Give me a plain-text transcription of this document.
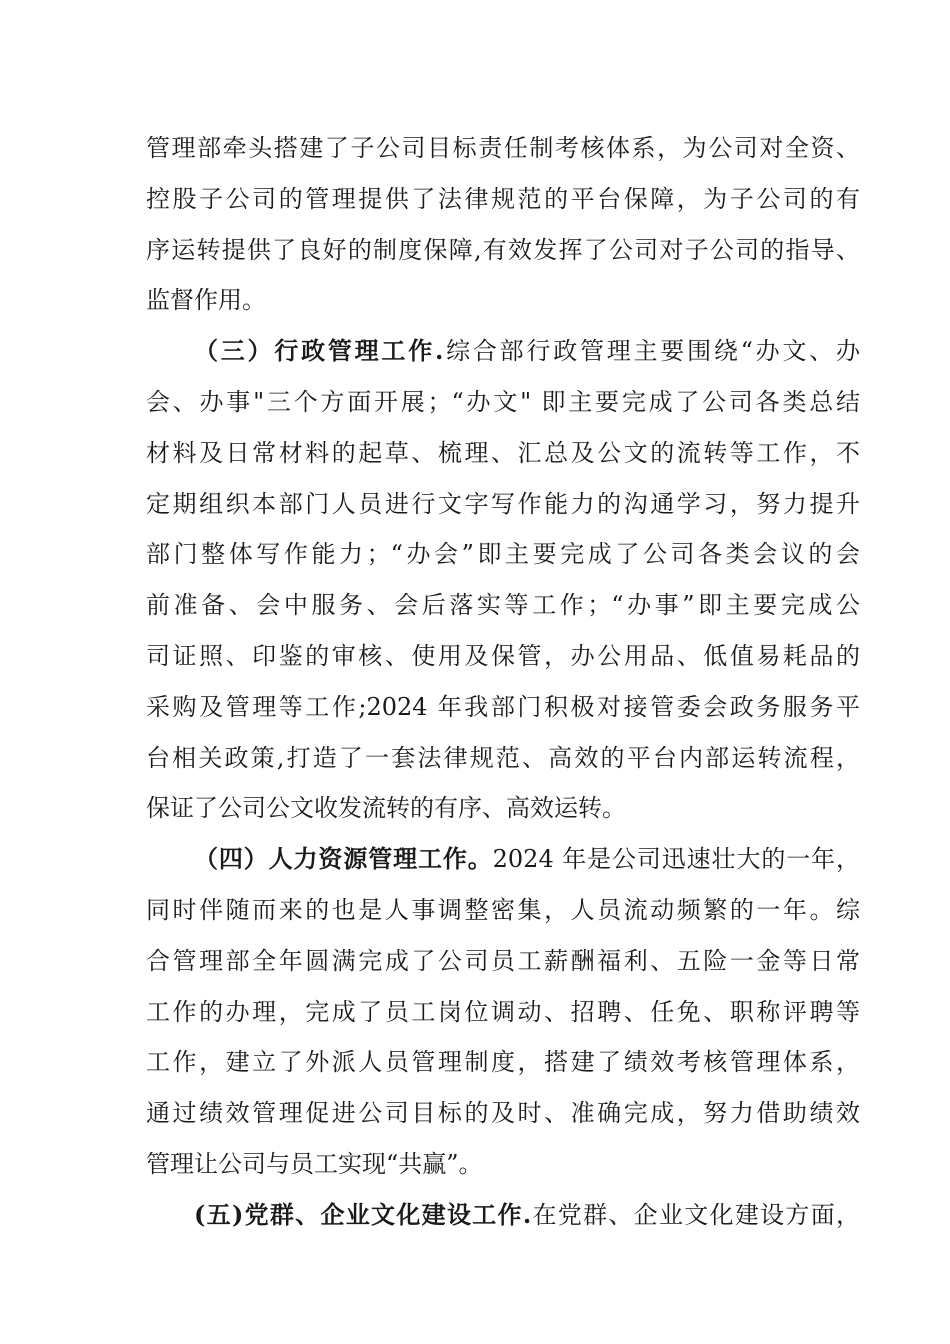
管理部牵头搭建了子公司目标责任制考核体系，为公司对全资、
控股子公司的管理提供了法律规范的平台保障，为子公司的有
序运转提供了良好的制度保障,有效发挥了公司对子公司的指导、
监督作用。
（三）行政管理工作.综合部行政管理主要围绕“办文、办
会、办事"三个方面开展；“办文" 即主要完成了公司各类总结
材料及日常材料的起草、梳理、汇总及公文的流转等工作，不
定期组织本部门人员进行文字写作能力的沟通学习，努力提升
部门整体写作能力；“办会”即主要完成了公司各类会议的会
前准备、会中服务、会后落实等工作；“办事”即主要完成公
司证照、印鉴的审核、使用及保管，办公用品、低值易耗品的
采购及管理等工作;2024 年我部门积极对接管委会政务服务平
台相关政策,打造了一套法律规范、高效的平台内部运转流程，
保证了公司公文收发流转的有序、高效运转。
（四）人力资源管理工作。2024 年是公司迅速壮大的一年，
同时伴随而来的也是人事调整密集，人员流动频繁的一年。综
合管理部全年圆满完成了公司员工薪酬福利、五险一金等日常
工作的办理，完成了员工岗位调动、招聘、任免、职称评聘等
工作，建立了外派人员管理制度，搭建了绩效考核管理体系，
通过绩效管理促进公司目标的及时、准确完成，努力借助绩效
管理让公司与员工实现“共赢”。
(五)党群、企业文化建设工作.在党群、企业文化建设方面，
